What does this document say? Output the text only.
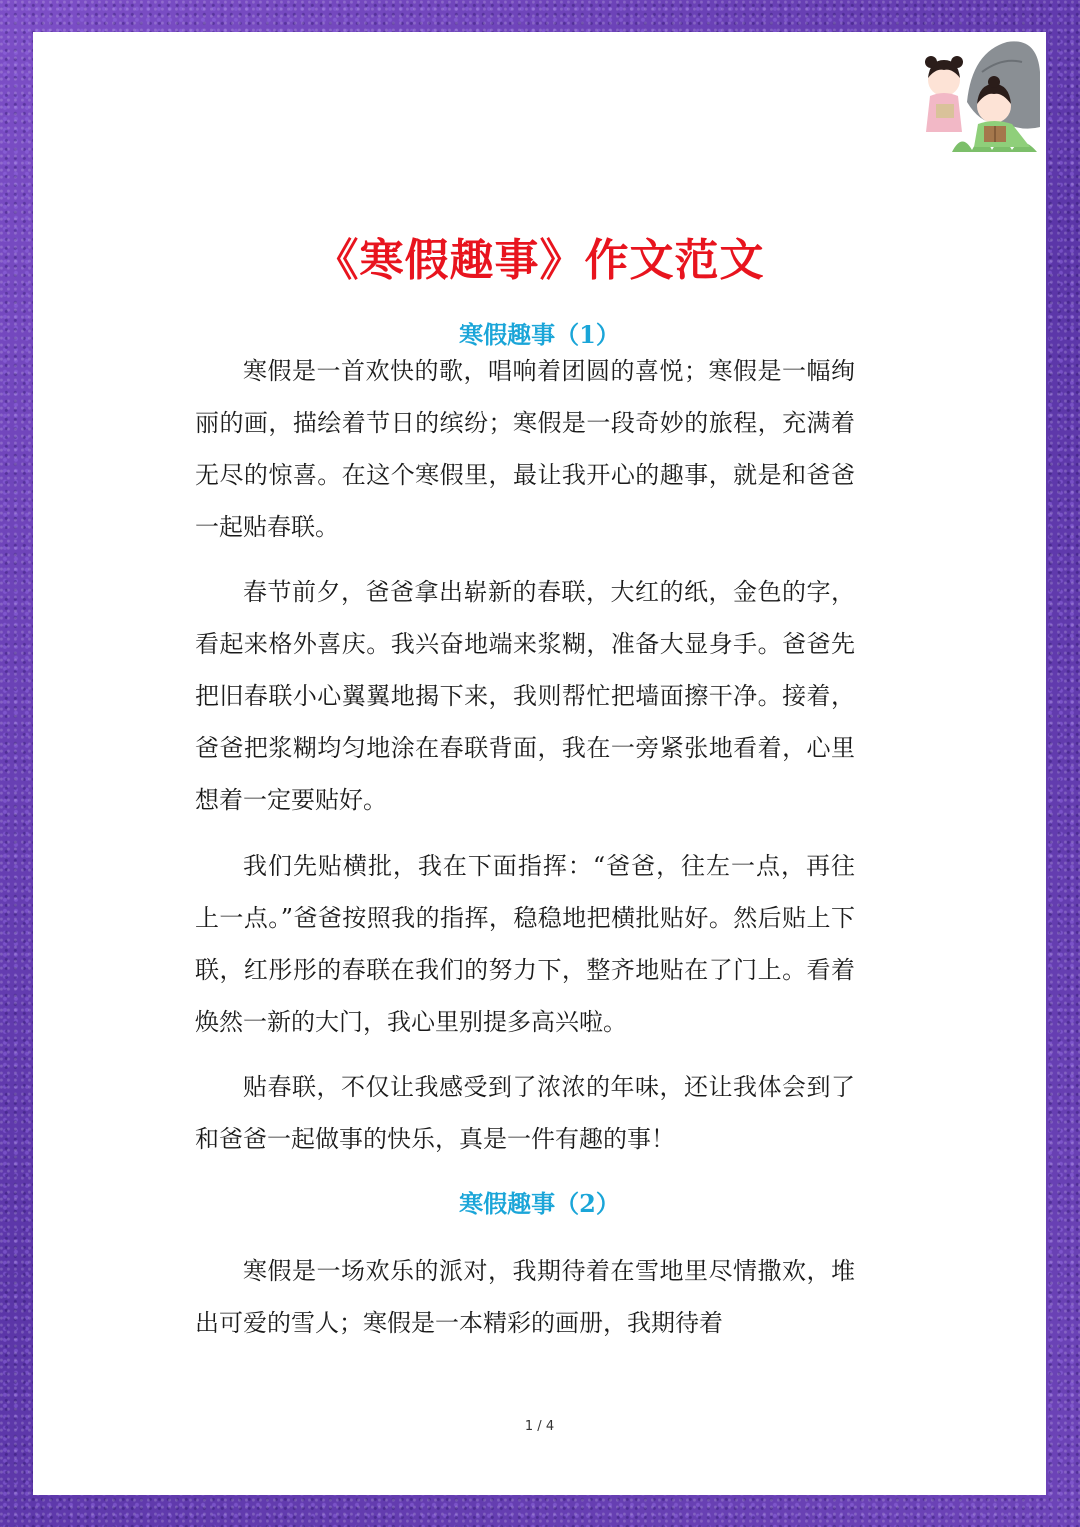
《寒假趣事》作文范文
寒假趣事（1）

寒假是一首欢快的歌，唱响着团圆的喜悦；寒假是一幅绚丽的画，描绘着节日的缤纷；寒假是一段奇妙的旅程，充满着无尽的惊喜。在这个寒假里，最让我开心的趣事，就是和爸爸一起贴春联。

春节前夕，爸爸拿出崭新的春联，大红的纸，金色的字，看起来格外喜庆。我兴奋地端来浆糊，准备大显身手。爸爸先把旧春联小心翼翼地揭下来，我则帮忙把墙面擦干净。接着，爸爸把浆糊均匀地涂在春联背面，我在一旁紧张地看着，心里想着一定要贴好。

我们先贴横批，我在下面指挥：“爸爸，往左一点，再往上一点。”爸爸按照我的指挥，稳稳地把横批贴好。然后贴上下联，红彤彤的春联在我们的努力下，整齐地贴在了门上。看着焕然一新的大门，我心里别提多高兴啦。

贴春联，不仅让我感受到了浓浓的年味，还让我体会到了和爸爸一起做事的快乐，真是一件有趣的事！

寒假趣事（2）

寒假是一场欢乐的派对，我期待着在雪地里尽情撒欢，堆出可爱的雪人；寒假是一本精彩的画册，我期待着

1 / 4
